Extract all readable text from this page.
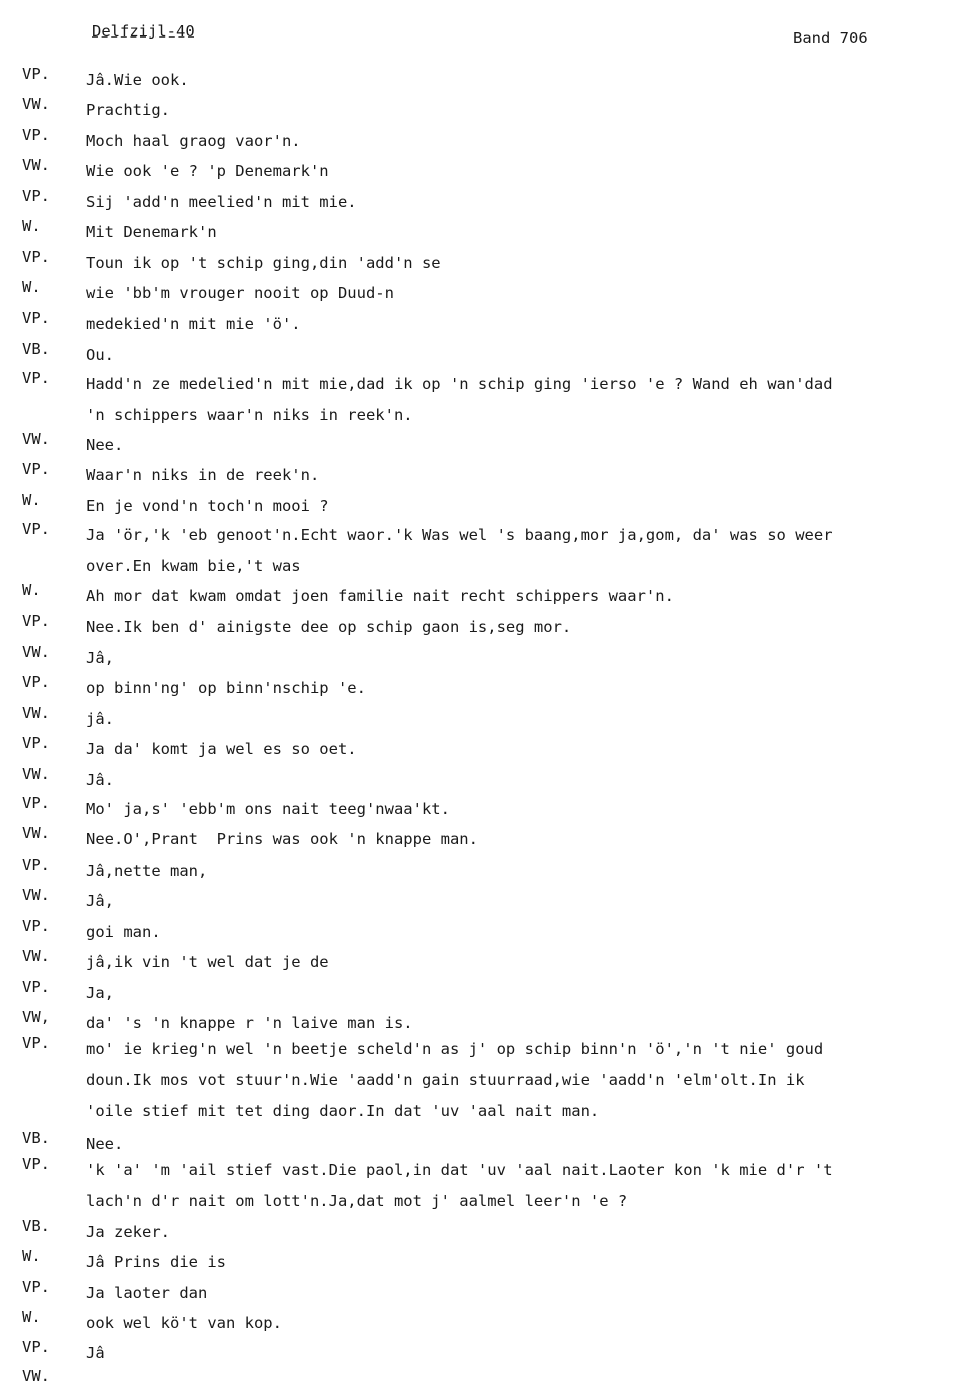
Delfzijl-40	Band 706
VP.	Jâ.Wie ook.
VW.	Prachtig.
VP.	Moch haal graog vaor'n.
VW.	Wie ook 'e ? 'p Denemark'n
VP.	Sij 'add'n meelied'n mit mie.
W.	Mit Denemark'n
VP.	Toun ik op 't schip ging,din 'add'n se
W.	wie 'bb'm vrouger nooit op Duud-n
VP.	medekied'n mit mie 'ö'.
VB.	Ou.
VP.	Hadd'n ze medelied'n mit mie,dad ik op 'n schip ging 'ierso 'e ? Wand eh wan'dad
'n schippers waar'n niks in reek'n.
VW.	Nee.
VP.	Waar'n niks in de reek'n.
W.	En je vond'n toch'n mooi ?
VP.	Ja 'ör,'k 'eb genoot'n.Echt waor.'k Was wel 's baang,mor ja,gom, da' was so weer
over.En kwam bie,'t was
W.	Ah mor dat kwam omdat joen familie nait recht schippers waar'n.
VP.	Nee.Ik ben d' ainigste dee op schip gaon is,seg mor.
VW.	Jâ,
VP.	op binn'ng' op binn'nschip 'e.
VW.	jâ.
VP.	Ja da' komt ja wel es so oet.
VW.	Jâ.
VP.	Mo' ja,s' 'ebb'm ons nait teeg'nwaa'kt.
VW.	Nee.O',Prant  Prins was ook 'n knappe man.
VP.	Jâ,nette man,
VW.	Jâ,
VP.	goi man.
VW.	jâ,ik vin 't wel dat je de
VP.	Ja,
VW,	da' 's 'n knappe r 'n laive man is.
VP.	mo' ie krieg'n wel 'n beetje scheld'n as j' op schip binn'n 'ö','n 't nie' goud
doun.Ik mos vot stuur'n.Wie 'aadd'n gain stuurraad,wie 'aadd'n 'elm'olt.In ik
'oile stief mit tet ding daor.In dat 'uv 'aal nait man.
VB.	Nee.
VP.	'k 'a' 'm 'ail stief vast.Die paol,in dat 'uv 'aal nait.Laoter kon 'k mie d'r 't
lach'n d'r nait om lott'n.Ja,dat mot j' aalmel leer'n 'e ?
VB.	Ja zeker.
W.	Jâ Prins die is
VP.	Ja laoter dan
W.	ook wel kö't van kop.
VP.	Jâ
VW.
